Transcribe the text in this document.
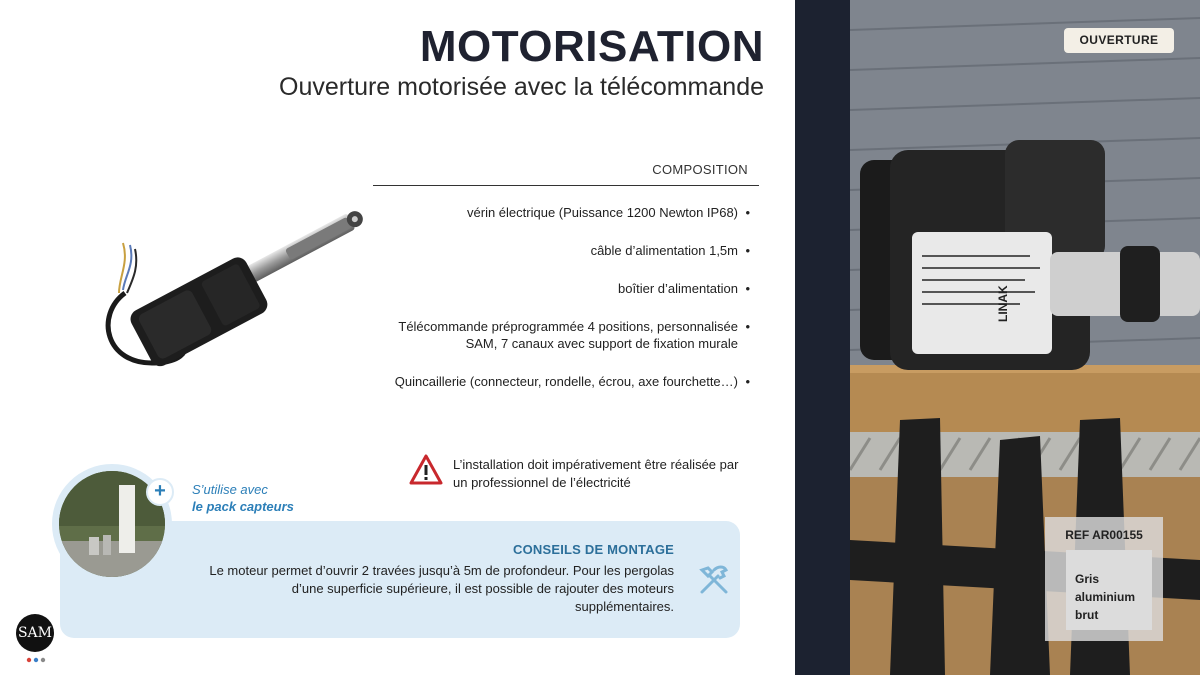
MOTORISATION
Ouverture motorisée avec la télécommande
COMPOSITION
vérin électrique (Puissance 1200 Newton IP68) •
câble d’alimentation 1,5m •
boîtier d’alimentation •
Télécommande préprogrammée 4 positions, personnalisée SAM, 7 canaux avec support de fixation murale
•
Quincaillerie (connecteur, rondelle, écrou, axe fourchette…) •
L’installation doit impérativement être réalisée par un professionnel de l’électricité
CONSEILS DE MONTAGE
Le moteur permet d’ouvrir 2 travées jusqu’à 5m de profondeur. Pour les pergolas d’une superficie supérieure, il est possible de rajouter des moteurs supplémentaires.
+	S’utilise avec
le pack capteurs
SAM
LINAK
OUVERTURE
REF AR00155
Gris aluminium brut
